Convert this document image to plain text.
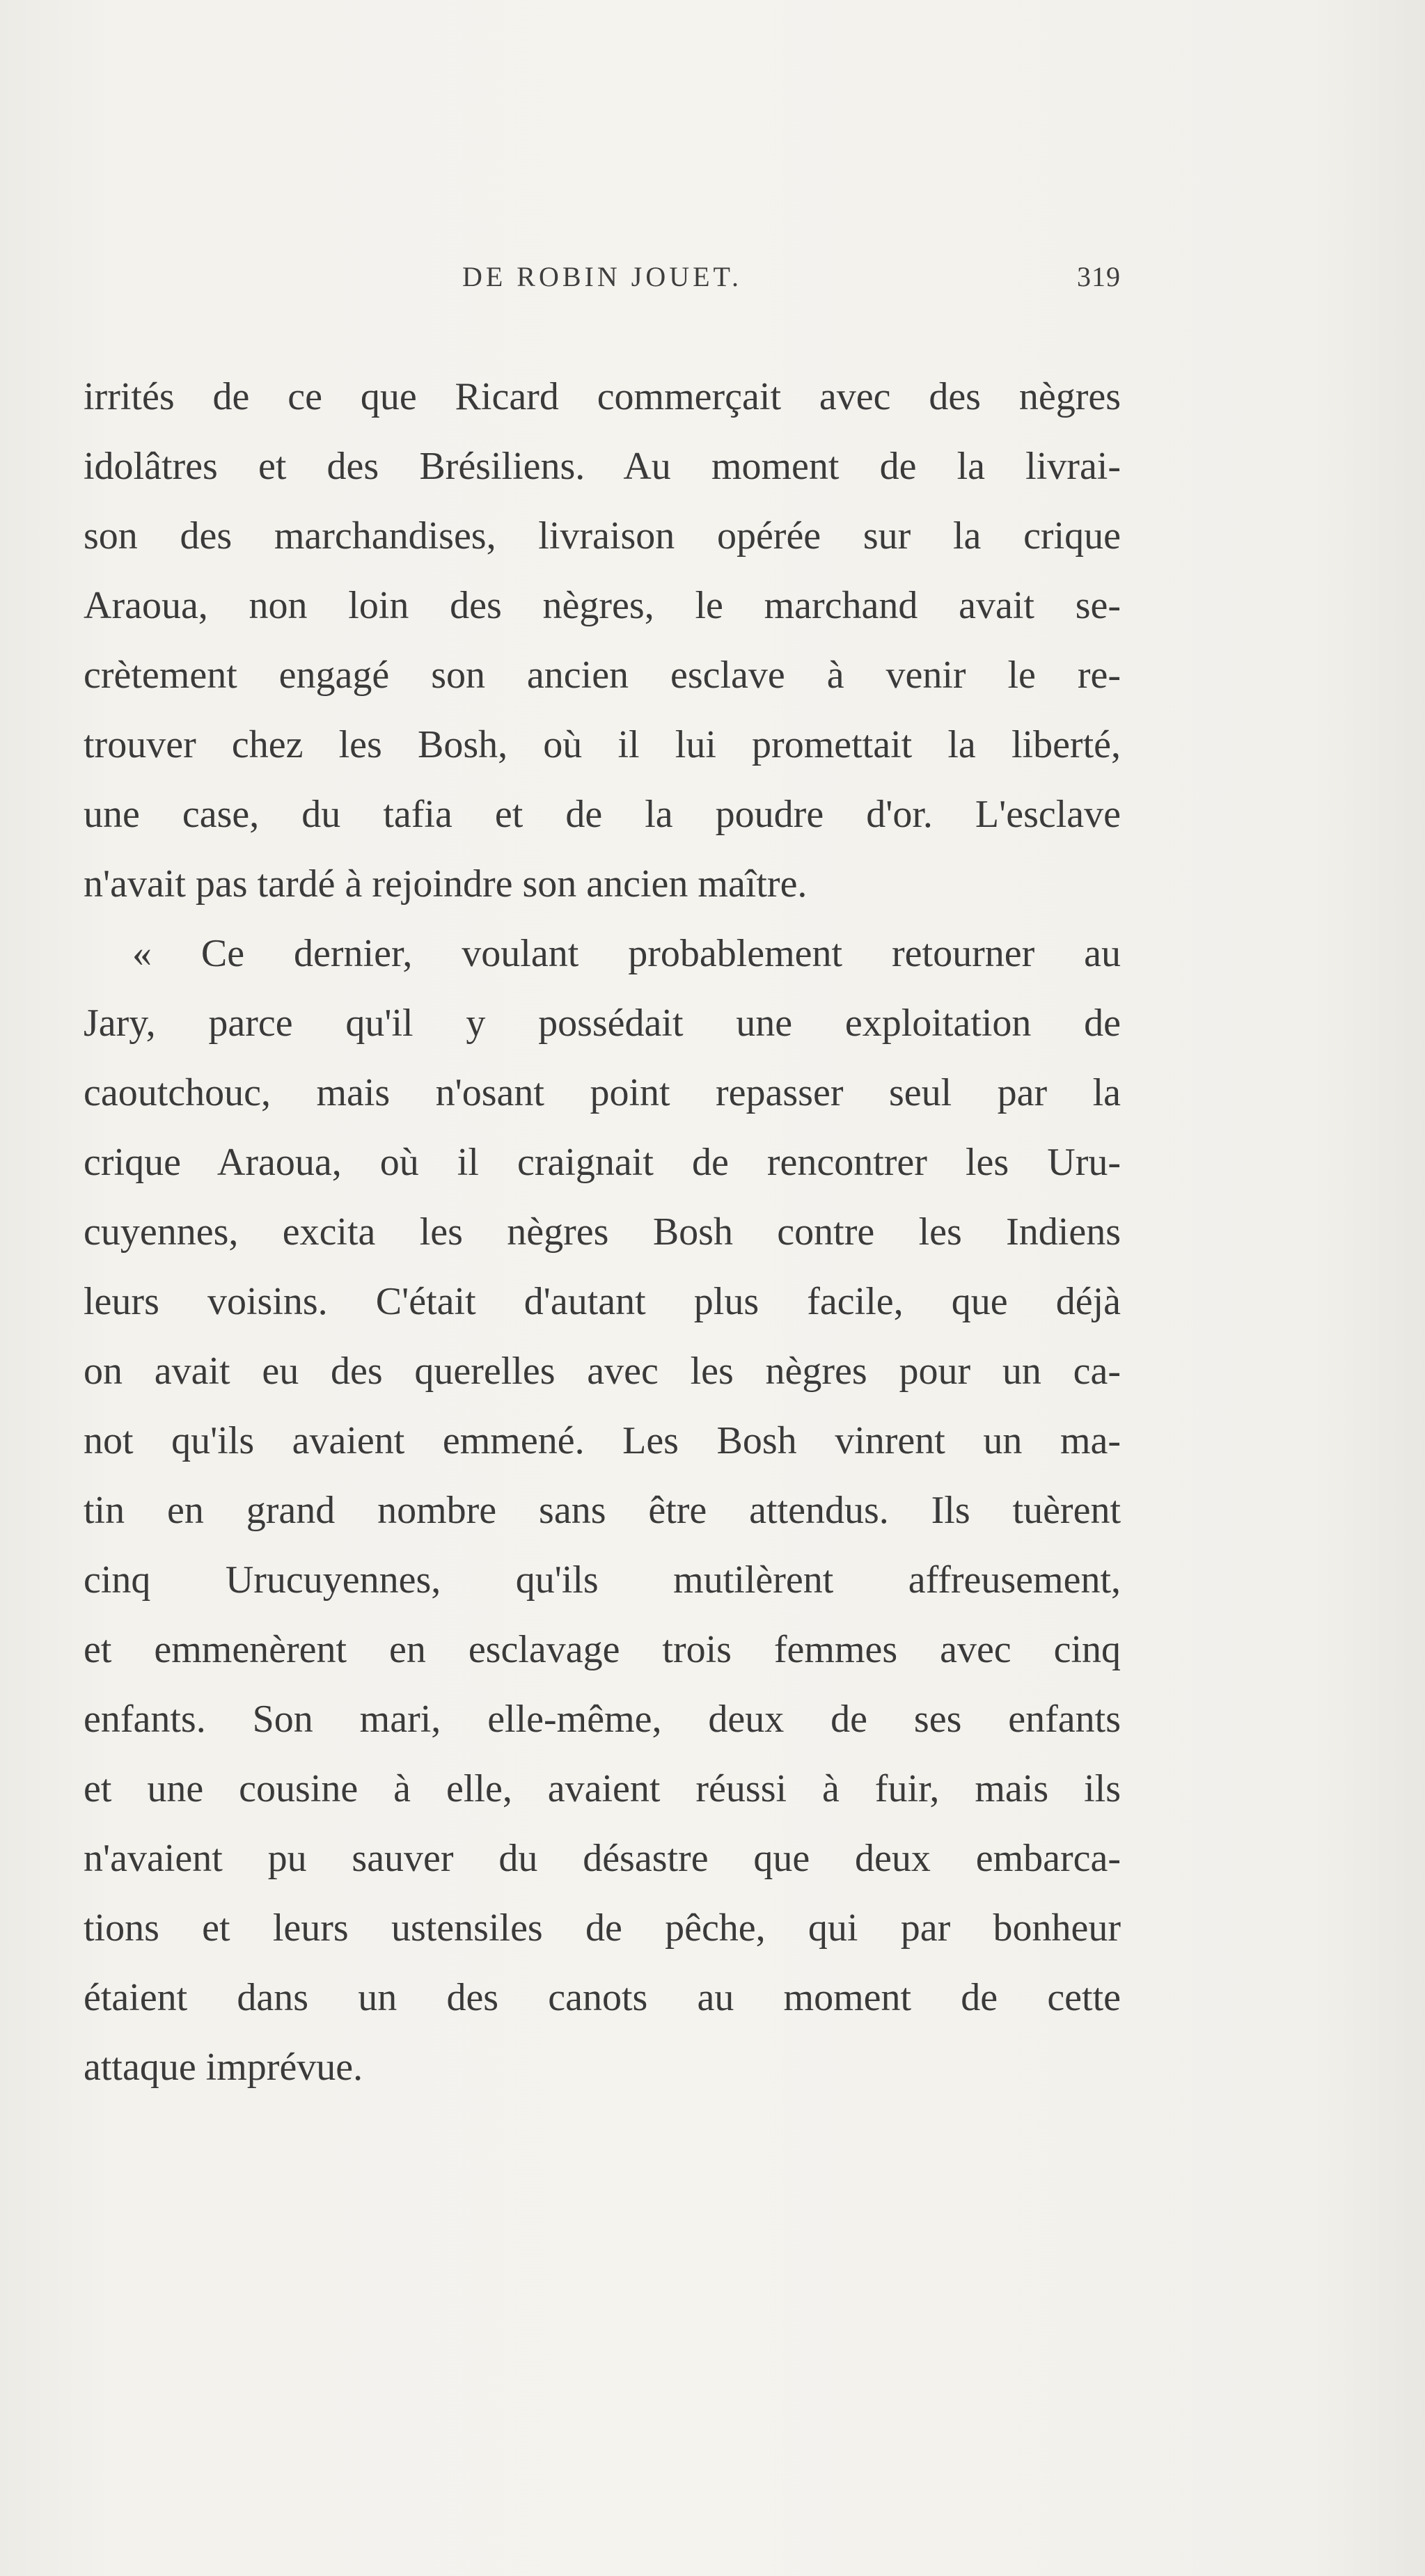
DE ROBIN JOUET.	319
irrités de ce que Ricard commerçait avec des nègres
idolâtres et des Brésiliens. Au moment de la livrai-
son des marchandises, livraison opérée sur la crique
Araoua, non loin des nègres, le marchand avait se-
crètement engagé son ancien esclave à venir le re-
trouver chez les Bosh, où il lui promettait la liberté,
une case, du tafia et de la poudre d'or. L'esclave
n'avait pas tardé à rejoindre son ancien maître.
« Ce dernier, voulant probablement retourner au
Jary, parce qu'il y possédait une exploitation de
caoutchouc, mais n'osant point repasser seul par la
crique Araoua, où il craignait de rencontrer les Uru-
cuyennes, excita les nègres Bosh contre les Indiens
leurs voisins. C'était d'autant plus facile, que déjà
on avait eu des querelles avec les nègres pour un ca-
not qu'ils avaient emmené. Les Bosh vinrent un ma-
tin en grand nombre sans être attendus. Ils tuèrent
cinq Urucuyennes, qu'ils mutilèrent affreusement,
et emmenèrent en esclavage trois femmes avec cinq
enfants. Son mari, elle-même, deux de ses enfants
et une cousine à elle, avaient réussi à fuir, mais ils
n'avaient pu sauver du désastre que deux embarca-
tions et leurs ustensiles de pêche, qui par bonheur
étaient dans un des canots au moment de cette
attaque imprévue.
